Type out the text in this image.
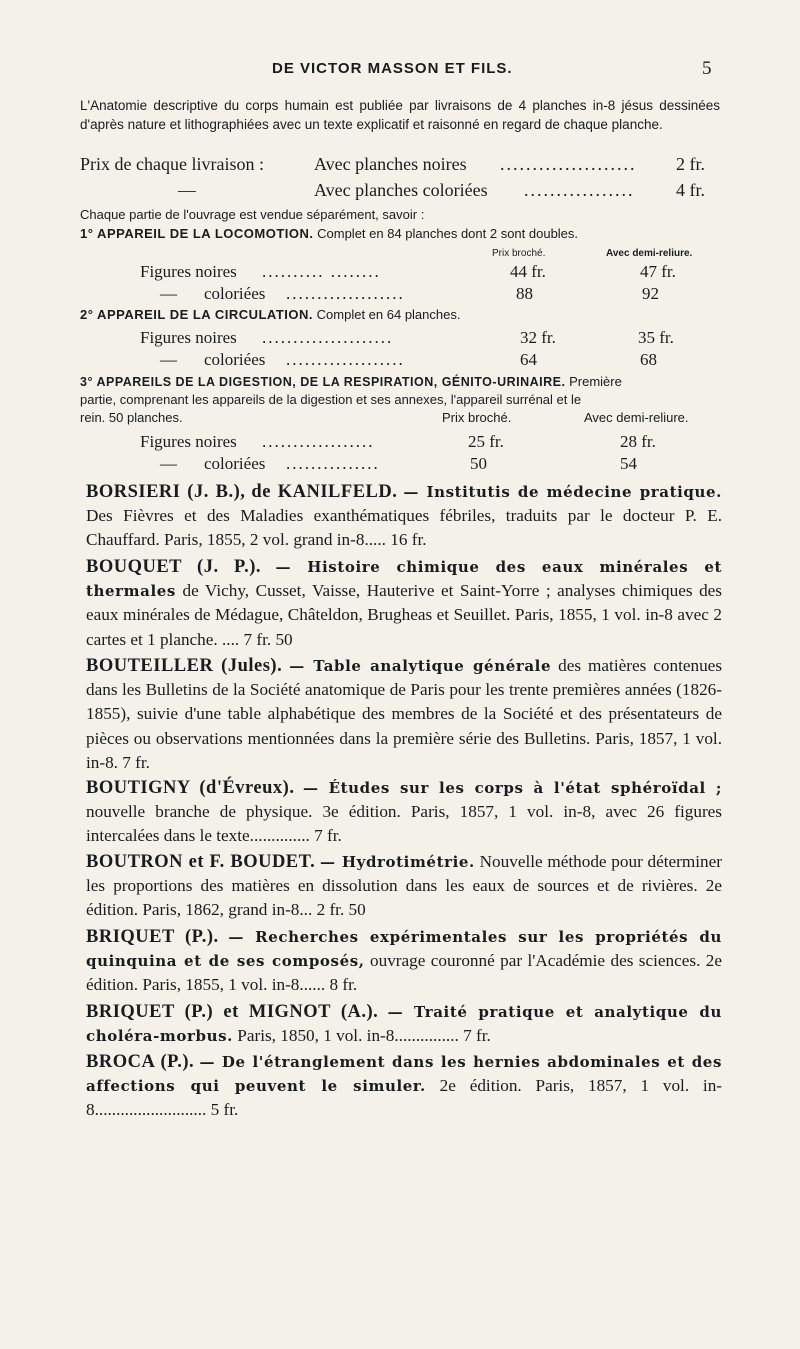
DE VICTOR MASSON ET FILS.	5
L'Anatomie descriptive du corps humain est publiée par livraisons de 4 planches in-8 jésus dessinées d'après nature et lithographiées avec un texte explicatif et raisonné en regard de chaque planche.
Prix de chaque livraison :	Avec planches noires ..................... 2 fr.
—	Avec planches coloriées ................. 4 fr.
Chaque partie de l'ouvrage est vendue séparément, savoir :
1° APPAREIL DE LA LOCOMOTION. Complet en 84 planches dont 2 sont doubles.
Prix broché.	Avec demi-reliure.
Figures noires .......... ........	44 fr.	47 fr.
— coloriées ...................	88	92
2° APPAREIL DE LA CIRCULATION. Complet en 64 planches.
Figures noires .....................	32 fr.	35 fr.
— coloriées ...................	64	68
3° APPAREILS DE LA DIGESTION, DE LA RESPIRATION, GÉNITO-URINAIRE. Première
partie, comprenant les appareils de la digestion et ses annexes, l'appareil surrénal et le
rein. 50 planches.	Prix broché.	Avec demi-reliure.
Figures noires ..................	25 fr.	28 fr.
— coloriées ...............	50	54
BORSIERI (J. B.), de KANILFELD. — Institutis de médecine pratique. Des Fièvres et des Maladies exanthématiques fébriles, traduits par le docteur P. E. Chauffard. Paris, 1855, 2 vol. grand in-8..... 16 fr.
BOUQUET (J. P.). — Histoire chimique des eaux minérales et thermales de Vichy, Cusset, Vaisse, Hauterive et Saint-Yorre ; analyses chimiques des eaux minérales de Médague, Châteldon, Brugheas et Seuillet. Paris, 1855, 1 vol. in-8 avec 2 cartes et 1 planche. .... 7 fr. 50
BOUTEILLER (Jules). — Table analytique générale des matières contenues dans les Bulletins de la Société anatomique de Paris pour les trente premières années (1826-1855), suivie d'une table alphabétique des membres de la Société et des présentateurs de pièces ou observations mentionnées dans la première série des Bulletins. Paris, 1857, 1 vol. in-8. 7 fr.
BOUTIGNY (d'Évreux). — Études sur les corps à l'état sphéroïdal ; nouvelle branche de physique. 3e édition. Paris, 1857, 1 vol. in-8, avec 26 figures intercalées dans le texte.............. 7 fr.
BOUTRON et F. BOUDET. — Hydrotimétrie. Nouvelle méthode pour déterminer les proportions des matières en dissolution dans les eaux de sources et de rivières. 2e édition. Paris, 1862, grand in-8... 2 fr. 50
BRIQUET (P.). — Recherches expérimentales sur les propriétés du quinquina et de ses composés, ouvrage couronné par l'Académie des sciences. 2e édition. Paris, 1855, 1 vol. in-8...... 8 fr.
BRIQUET (P.) et MIGNOT (A.). — Traité pratique et analytique du choléra-morbus. Paris, 1850, 1 vol. in-8............... 7 fr.
BROCA (P.). — De l'étranglement dans les hernies abdominales et des affections qui peuvent le simuler. 2e édition. Paris, 1857, 1 vol. in-8.......................... 5 fr.
